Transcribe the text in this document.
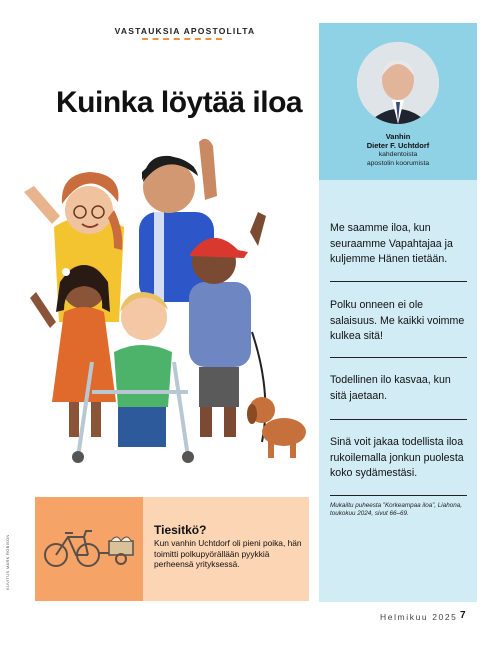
VASTAUKSIA APOSTOLILTA
Kuinka löytää iloa
Vanhin
Dieter F. Uchtdorf
kahdentoista
apostolin koorumista
Me saamme iloa, kun seuraamme Vapahtajaa ja kuljemme Hänen tietään.
Polku onneen ei ole salaisuus. Me kaikki voimme kulkea sitä!
Todellinen ilo kasvaa, kun sitä jaetaan.
Sinä voit jakaa todellista iloa rukoilemalla jonkun puolesta koko sydämestäsi.
Mukailtu puheesta ”Korkeampaa iloa”, Liahona, toukokuu 2024, sivut 66–69.
Tiesitkö?
Kun vanhin Uchtdorf oli pieni poika, hän toimitti polkupyörällään pyykkiä perheensä yrityksessä.
KUVITUS MARK ROBISON
Helmikuu 2025 7
